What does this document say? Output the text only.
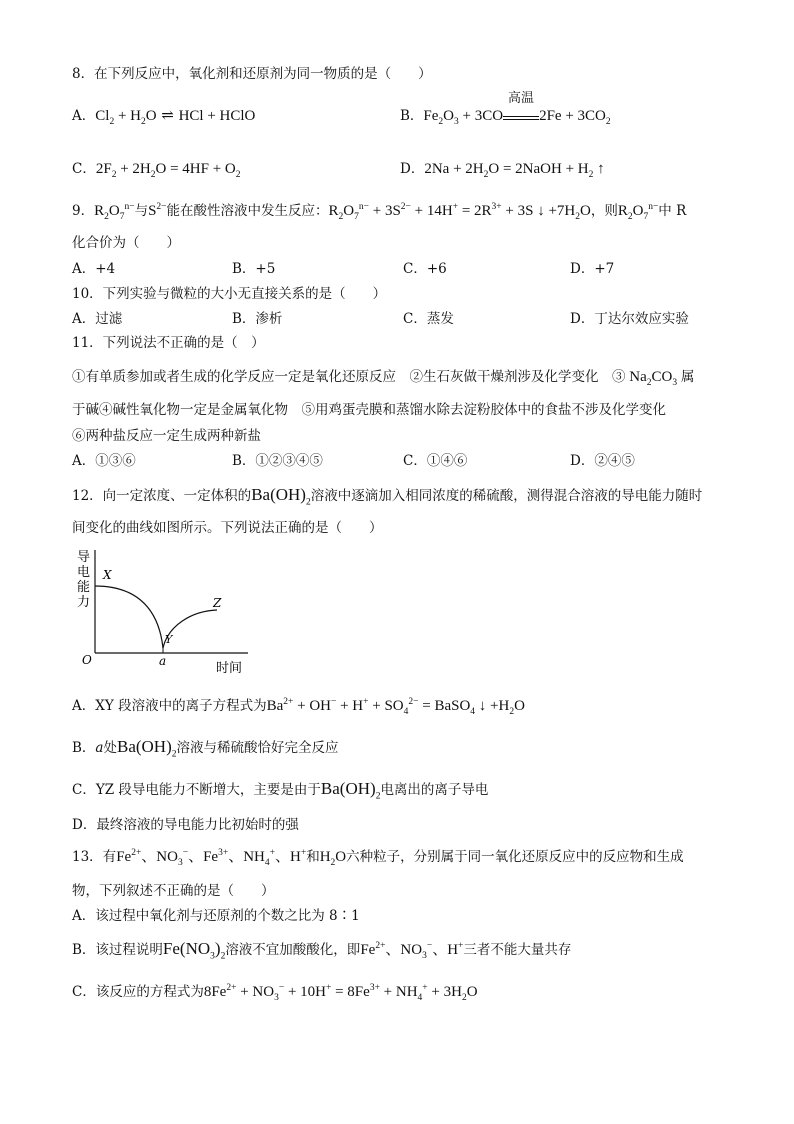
8．在下列反应中，氧化剂和还原剂为同一物质的是（　　）
A．$Cl_2 + H_2O$ ⇌ HCl + HClO	B．$Fe_2O_3 + 3CO$
高温
$2Fe + 3CO_2$
C．$2F_2 + 2H_2O = 4HF + O_2$	D．$2Na + 2H_2O$ = 2NaOH + $H_2$ ↑
9．$R_2O_7^{n-}$与$S^{2-}$能在酸性溶液中发生反应：$R_2O_7^{n-} + 3S^{2-} + 14H^+ = 2R^{3+} + 3S$ ↓ $+7H_2O$，则$R_2O_7^{n-}$中 R
化合价为（　　）
A．+4	B．+5	C．+6	D．+7
10．下列实验与微粒的大小无直接关系的是（　　）
A．过滤	B．渗析	C．蒸发	D．丁达尔效应实验
11．下列说法不正确的是（　）
①有单质参加或者生成的化学反应一定是氧化还原反应　②生石灰做干燥剂涉及化学变化　③ $Na_2CO_3$ 属
于碱④碱性氧化物一定是金属氧化物　⑤用鸡蛋壳膜和蒸馏水除去淀粉胶体中的食盐不涉及化学变化
⑥两种盐反应一定生成两种新盐
A．①③⑥	B．①②③④⑤	C．①④⑥	D．②④⑤
12．向一定浓度、一定体积的$Ba(OH)_2$溶液中逐滴加入相同浓度的稀硫酸，测得混合溶液的导电能力随时
间变化的曲线如图所示。下列说法正确的是（　　）
导
电
能
力
O
时间
X
Y
Z
a
A．XY 段溶液中的离子方程式为$Ba^{2+} + OH^- + H^+ + SO_4^{2-}$ = BaSO$_4$ ↓ $+H_2O$
B．a处$Ba(OH)_2$溶液与稀硫酸恰好完全反应
C．YZ 段导电能力不断增大，主要是由于$Ba(OH)_2$电离出的离子导电
D．最终溶液的导电能力比初始时的强
13．有$Fe^{2+}$、$NO_3^-$、$Fe^{3+}$、$NH_4^+$、H+和$H_2O$六种粒子，分别属于同一氧化还原反应中的反应物和生成
物，下列叙述不正确的是（　　）
A．该过程中氧化剂与还原剂的个数之比为 8∶1
B．该过程说明$Fe(NO_3)_2$溶液不宜加酸酸化，即$Fe^{2+}$、$NO_3^-$、H+三者不能大量共存
C．该反应的方程式为$8Fe^{2+} + NO_3^- + 10H^+ = 8Fe^{3+} + NH_4^+ + 3H_2O$
